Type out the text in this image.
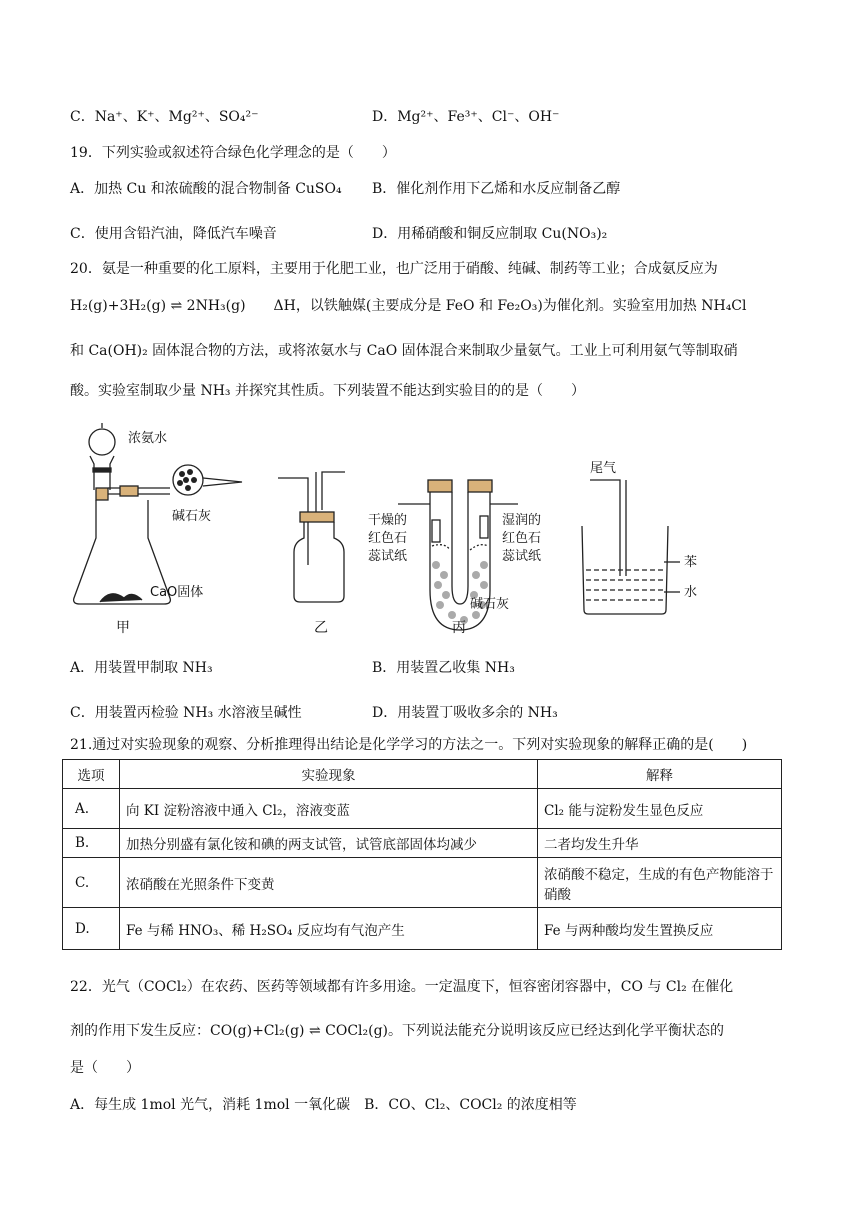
C．Na⁺、K⁺、Mg²⁺、SO₄²⁻	D．Mg²⁺、Fe³⁺、Cl⁻、OH⁻
19．下列实验或叙述符合绿色化学理念的是（　　）
A．加热 Cu 和浓硫酸的混合物制备 CuSO₄ B．催化剂作用下乙烯和水反应制备乙醇
C．使用含铅汽油，降低汽车噪音	D．用稀硝酸和铜反应制取 Cu(NO₃)₂
20．氨是一种重要的化工原料，主要用于化肥工业，也广泛用于硝酸、纯碱、制药等工业；合成氨反应为
H₂(g)+3H₂(g) ⇌ 2NH₃(g)　　ΔH，以铁触媒(主要成分是 FeO 和 Fe₂O₃)为催化剂。实验室用加热 NH₄Cl
和 Ca(OH)₂ 固体混合物的方法，或将浓氨水与 CaO 固体混合来制取少量氨气。工业上可利用氨气等制取硝
酸。实验室制取少量 NH₃ 并探究其性质。下列装置不能达到实验目的的是（　　）
浓氨水
碱石灰
CaO固体
甲	乙	丙
干燥的
红色石
蕊试纸
湿润的
红色石
蕊试纸
碱石灰
尾气
苯
水
A．用装置甲制取 NH₃	B．用装置乙收集 NH₃
C．用装置丙检验 NH₃ 水溶液呈碱性	D．用装置丁吸收多余的 NH₃
21.通过对实验现象的观察、分析推理得出结论是化学学习的方法之一。下列对实验现象的解释正确的是(　　)
选项	实验现象	解释
A.	向 KI 淀粉溶液中通入 Cl₂，溶液变蓝	Cl₂ 能与淀粉发生显色反应
B.	加热分别盛有氯化铵和碘的两支试管，试管底部固体均减少	二者均发生升华
C.	浓硝酸在光照条件下变黄	浓硝酸不稳定，生成的有色产物能溶于硝酸
D.	Fe 与稀 HNO₃、稀 H₂SO₄ 反应均有气泡产生	Fe 与两种酸均发生置换反应
22．光气（COCl₂）在农药、医药等领域都有许多用途。一定温度下，恒容密闭容器中，CO 与 Cl₂ 在催化
剂的作用下发生反应：CO(g)+Cl₂(g) ⇌ COCl₂(g)。下列说法能充分说明该反应已经达到化学平衡状态的
是（　　）
A．每生成 1mol 光气，消耗 1mol 一氧化碳　B．CO、Cl₂、COCl₂ 的浓度相等
